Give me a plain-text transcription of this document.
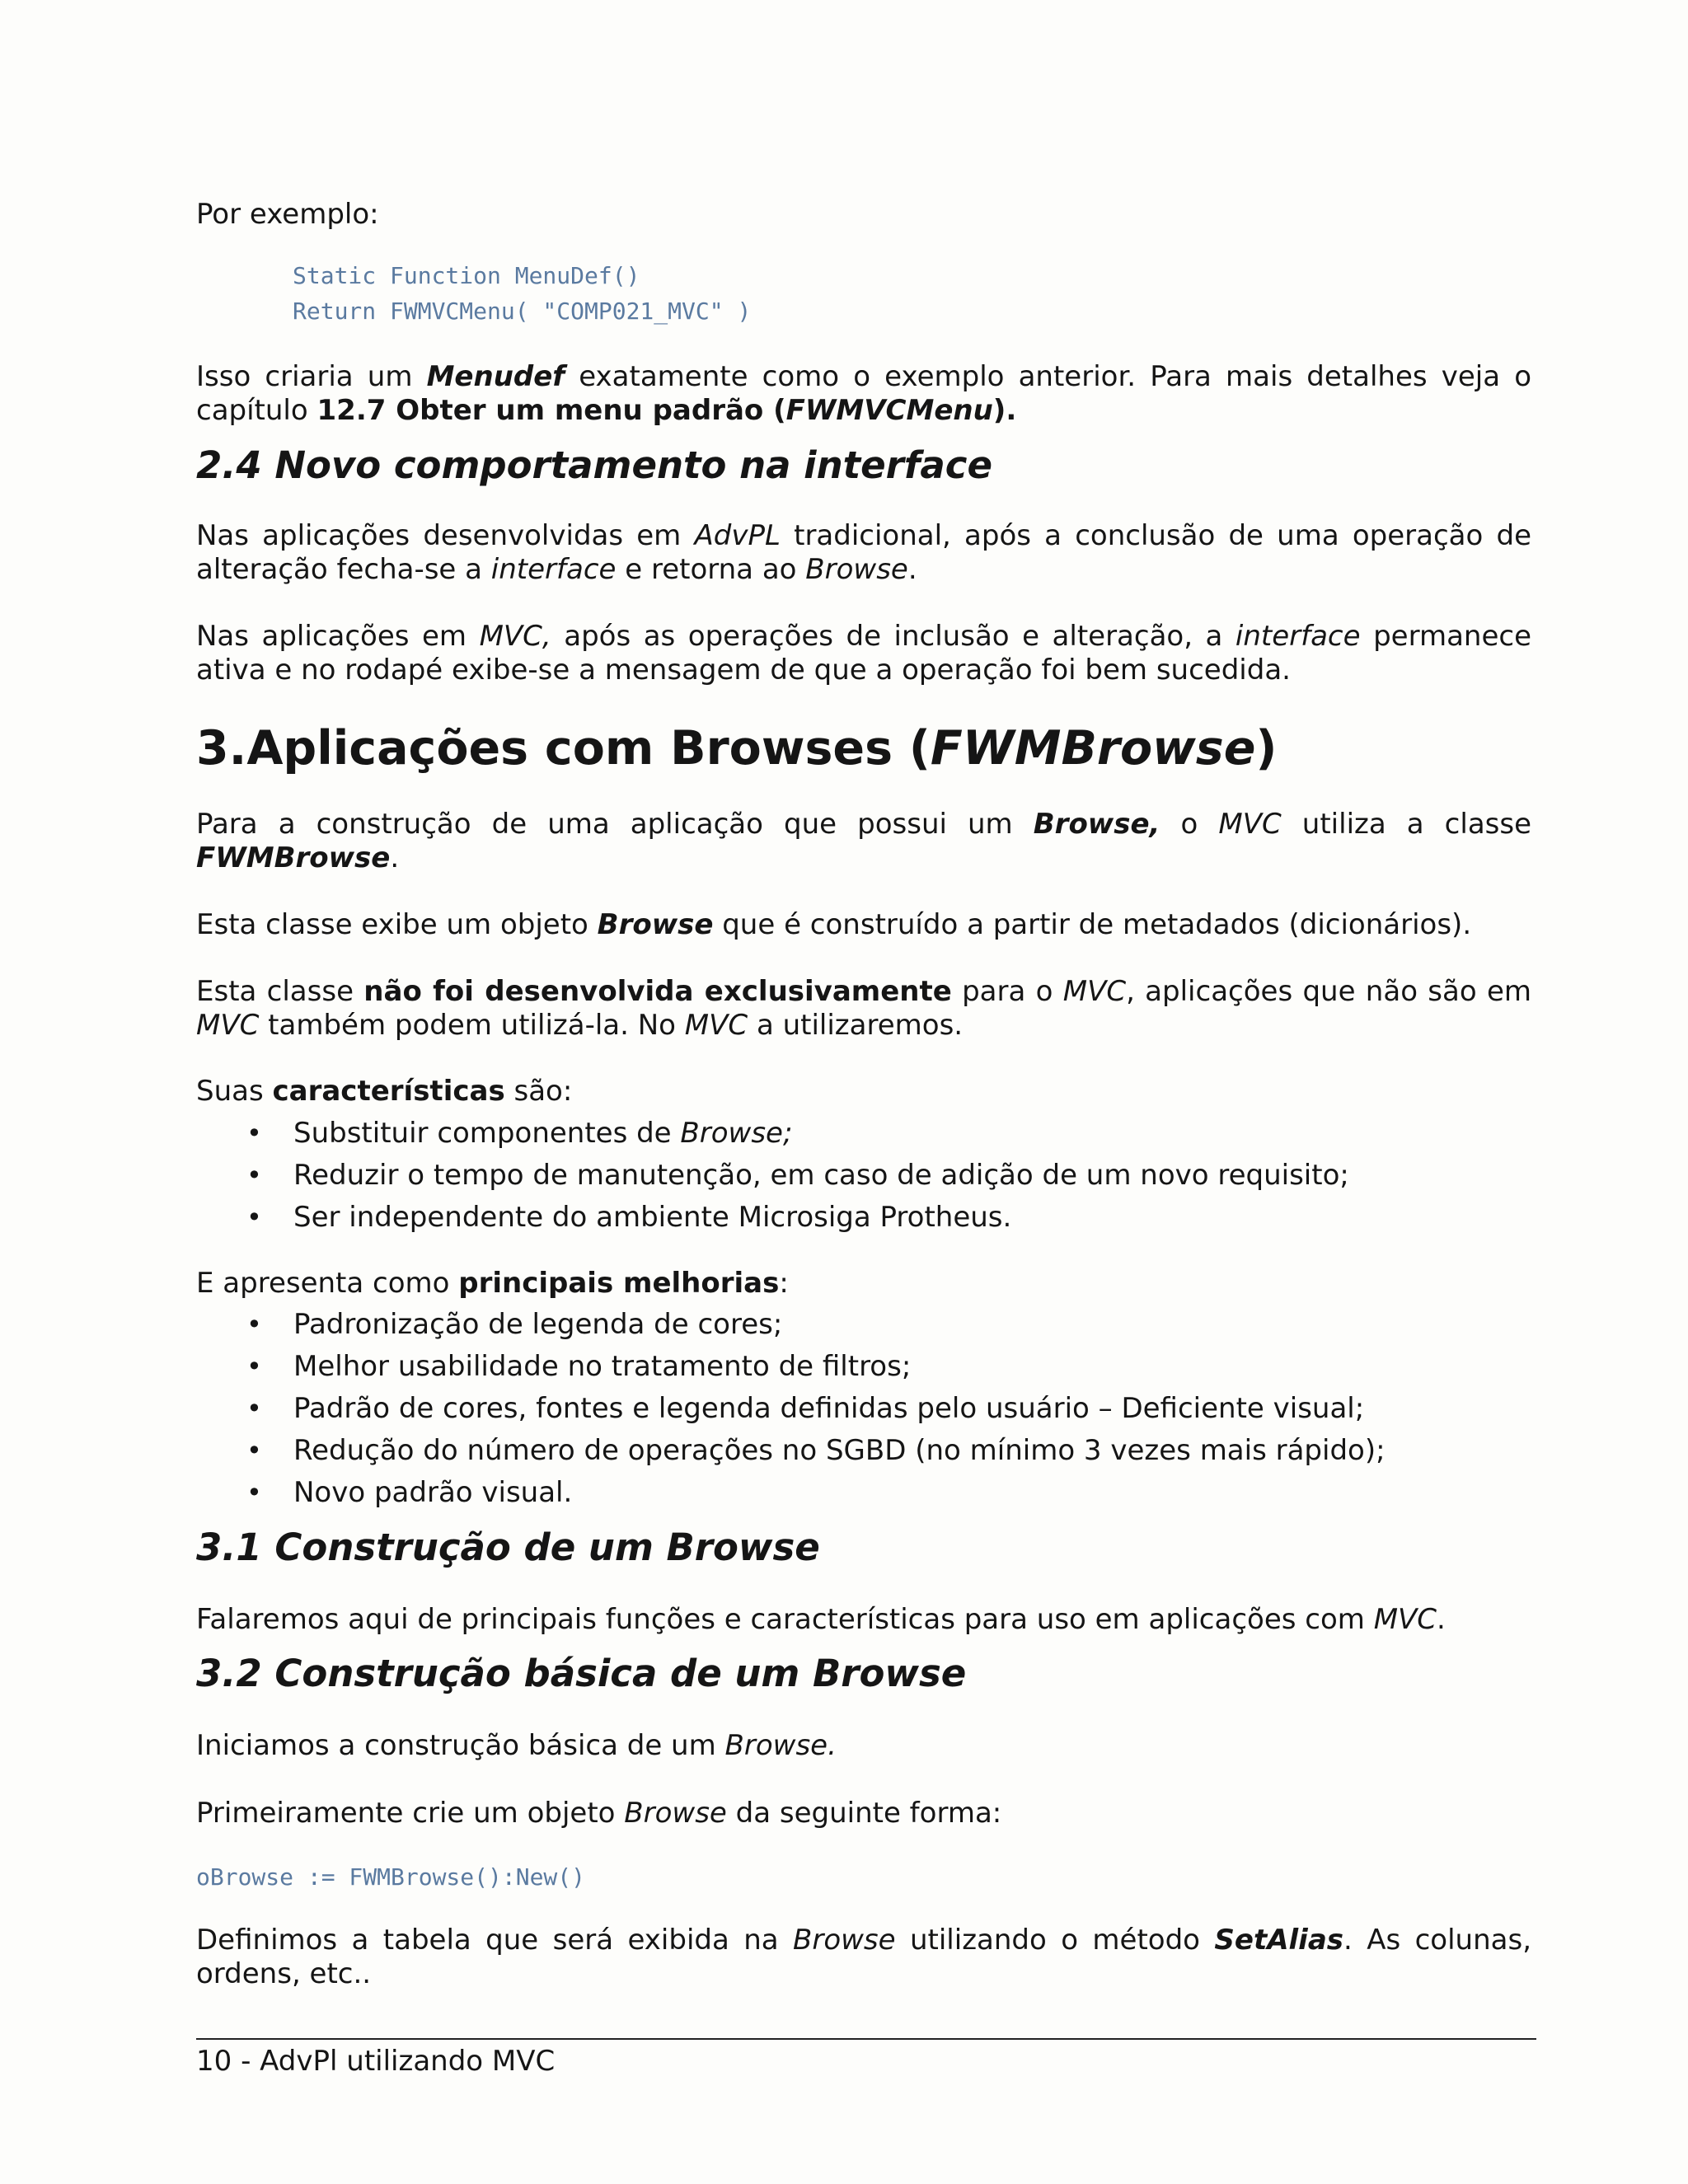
Por exemplo:

Static Function MenuDef()

Return FWMVCMenu( "COMP021_MVC" )

Isso criaria um Menudef exatamente como o exemplo anterior. Para mais detalhes veja o capítulo 12.7 Obter um menu padrão (FWMVCMenu).

2.4 Novo comportamento na interface

Nas aplicações desenvolvidas em AdvPL tradicional, após a conclusão de uma operação de alteração fecha-se a interface e retorna ao Browse.

Nas aplicações em MVC, após as operações de inclusão e alteração, a interface permanece ativa e no rodapé exibe-se a mensagem de que a operação foi bem sucedida.

3.Aplicações com Browses (FWMBrowse)

Para a construção de uma aplicação que possui um Browse, o MVC utiliza a classe FWMBrowse.

Esta classe exibe um objeto Browse que é construído a partir de metadados (dicionários).

Esta classe não foi desenvolvida exclusivamente para o MVC, aplicações que não são em MVC também podem utilizá-la. No MVC a utilizaremos.

Suas características são:

• Substituir componentes de Browse;
• Reduzir o tempo de manutenção, em caso de adição de um novo requisito;
• Ser independente do ambiente Microsiga Protheus.

E apresenta como principais melhorias:

• Padronização de legenda de cores;
• Melhor usabilidade no tratamento de filtros;
• Padrão de cores, fontes e legenda definidas pelo usuário – Deficiente visual;
• Redução do número de operações no SGBD (no mínimo 3 vezes mais rápido);
• Novo padrão visual.
3.1 Construção de um Browse

Falaremos aqui de principais funções e características para uso em aplicações com MVC.

3.2 Construção básica de um Browse

Iniciamos a construção básica de um Browse.

Primeiramente crie um objeto Browse da seguinte forma:

oBrowse := FWMBrowse():New()

Definimos a tabela que será exibida na Browse utilizando o método SetAlias. As colunas, ordens, etc..

10 - AdvPl utilizando MVC
